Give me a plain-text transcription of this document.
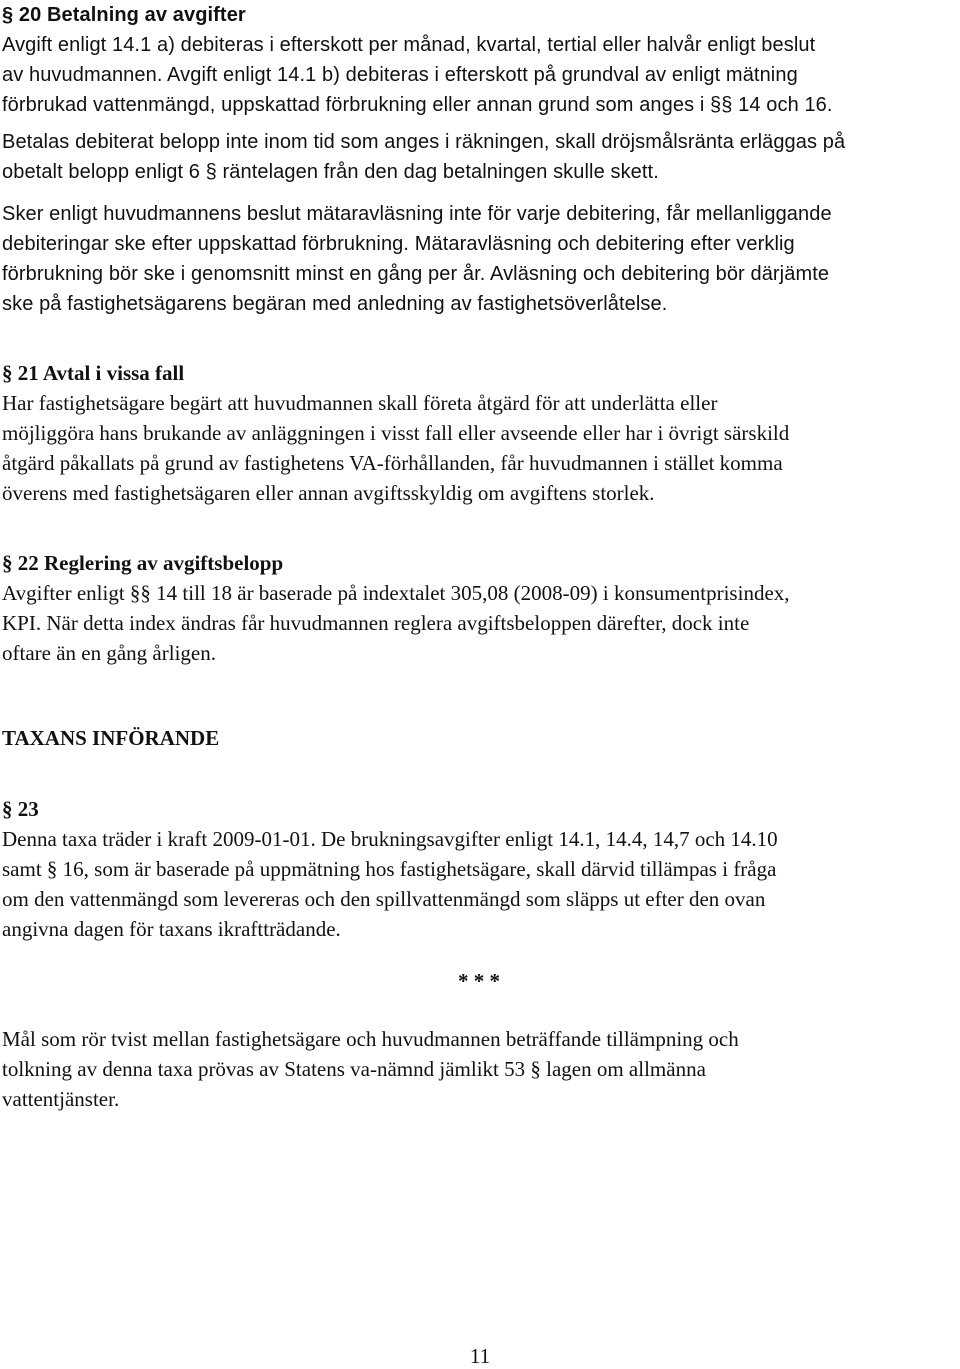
§ 20 Betalning av avgifter
Avgift enligt 14.1 a) debiteras i efterskott per månad, kvartal, tertial eller halvår enligt beslut
av huvudmannen. Avgift enligt 14.1 b) debiteras i efterskott på grundval av enligt mätning
förbrukad vattenmängd, uppskattad förbrukning eller annan grund som anges i §§ 14 och 16.
Betalas debiterat belopp inte inom tid som anges i räkningen, skall dröjsmålsränta erläggas på
obetalt belopp enligt 6 § räntelagen från den dag betalningen skulle skett.
Sker enligt huvudmannens beslut mätaravläsning inte för varje debitering, får mellanliggande
debiteringar ske efter uppskattad förbrukning. Mätaravläsning och debitering efter verklig
förbrukning bör ske i genomsnitt minst en gång per år. Avläsning och debitering bör därjämte
ske på fastighetsägarens begäran med anledning av fastighetsöverlåtelse.
§ 21 Avtal i vissa fall
Har fastighetsägare begärt att huvudmannen skall företa åtgärd för att underlätta eller
möjliggöra hans brukande av anläggningen i visst fall eller avseende eller har i övrigt särskild
åtgärd påkallats på grund av fastighetens VA-förhållanden, får huvudmannen i stället komma
överens med fastighetsägaren eller annan avgiftsskyldig om avgiftens storlek.
§ 22 Reglering av avgiftsbelopp
Avgifter enligt §§ 14 till 18 är baserade på indextalet 305,08 (2008-09) i konsumentprisindex,
KPI. När detta index ändras får huvudmannen reglera avgiftsbeloppen därefter, dock inte
oftare än en gång årligen.
TAXANS INFÖRANDE
§ 23
Denna taxa träder i kraft 2009-01-01. De brukningsavgifter enligt 14.1, 14.4, 14,7 och 14.10
samt § 16, som är baserade på uppmätning hos fastighetsägare, skall därvid tillämpas i fråga
om den vattenmängd som levereras och den spillvattenmängd som släpps ut efter den ovan
angivna dagen för taxans ikraftträdande.
* * *
Mål som rör tvist mellan fastighetsägare och huvudmannen beträffande tillämpning och
tolkning av denna taxa prövas av Statens va-nämnd jämlikt 53 § lagen om allmänna
vattentjänster.
11
